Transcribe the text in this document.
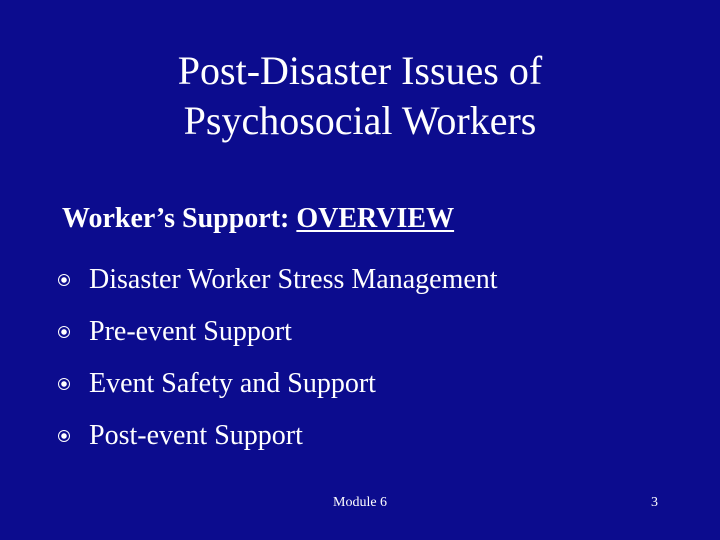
Post-Disaster Issues of
Psychosocial Workers
Worker’s Support: OVERVIEW
Disaster Worker Stress Management
Pre-event Support
Event Safety and Support
Post-event Support
Module 6	3
